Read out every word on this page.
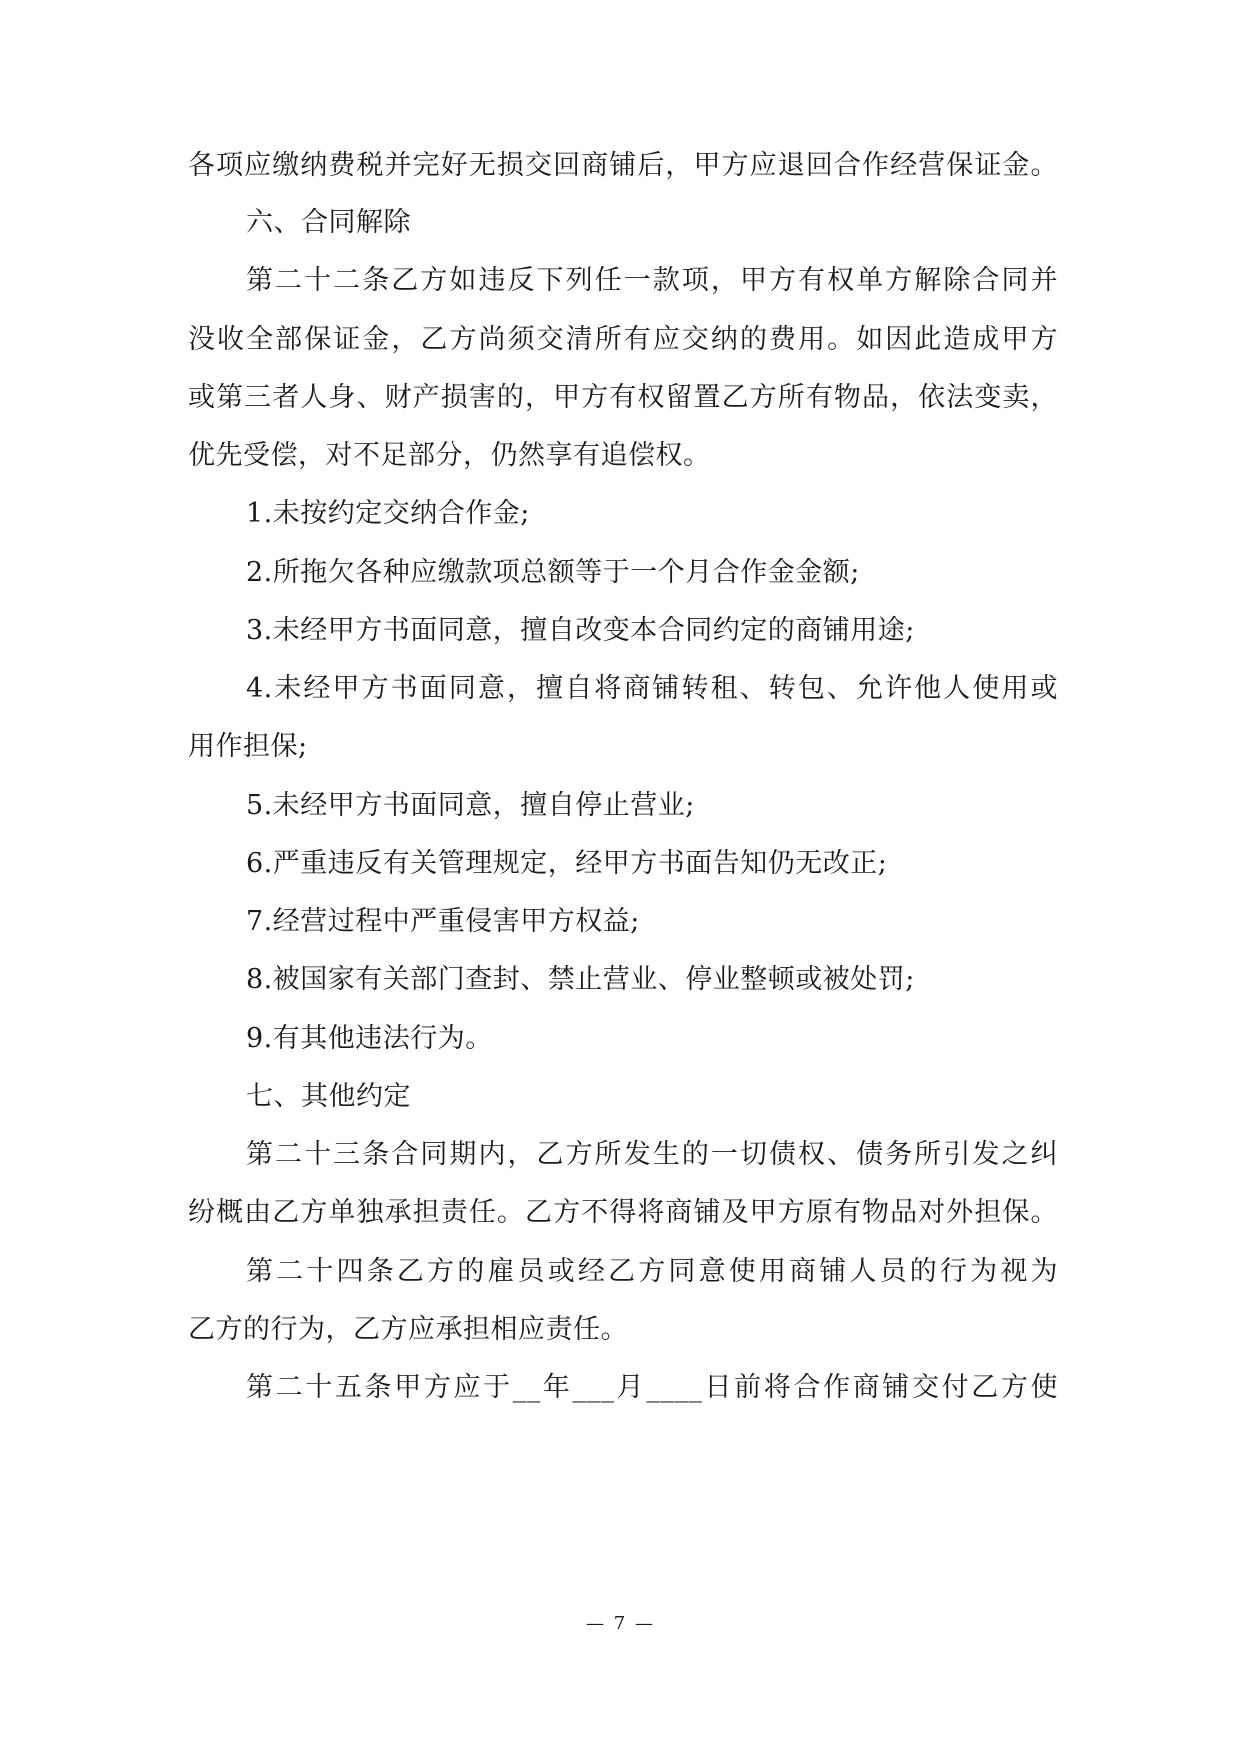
各项应缴纳费税并完好无损交回商铺后，甲方应退回合作经营保证金。
六、合同解除
第二十二条乙方如违反下列任一款项，甲方有权单方解除合同并
没收全部保证金，乙方尚须交清所有应交纳的费用。如因此造成甲方
或第三者人身、财产损害的，甲方有权留置乙方所有物品，依法变卖，
优先受偿，对不足部分，仍然享有追偿权。
1.未按约定交纳合作金;
2.所拖欠各种应缴款项总额等于一个月合作金金额;
3.未经甲方书面同意，擅自改变本合同约定的商铺用途;
4.未经甲方书面同意，擅自将商铺转租、转包、允许他人使用或
用作担保;
5.未经甲方书面同意，擅自停止营业;
6.严重违反有关管理规定，经甲方书面告知仍无改正;
7.经营过程中严重侵害甲方权益;
8.被国家有关部门查封、禁止营业、停业整顿或被处罚;
9.有其他违法行为。
七、其他约定
第二十三条合同期内，乙方所发生的一切债权、债务所引发之纠
纷概由乙方单独承担责任。乙方不得将商铺及甲方原有物品对外担保。
第二十四条乙方的雇员或经乙方同意使用商铺人员的行为视为
乙方的行为，乙方应承担相应责任。
第二十五条甲方应于__年___月____日前将合作商铺交付乙方使
— 7 —
